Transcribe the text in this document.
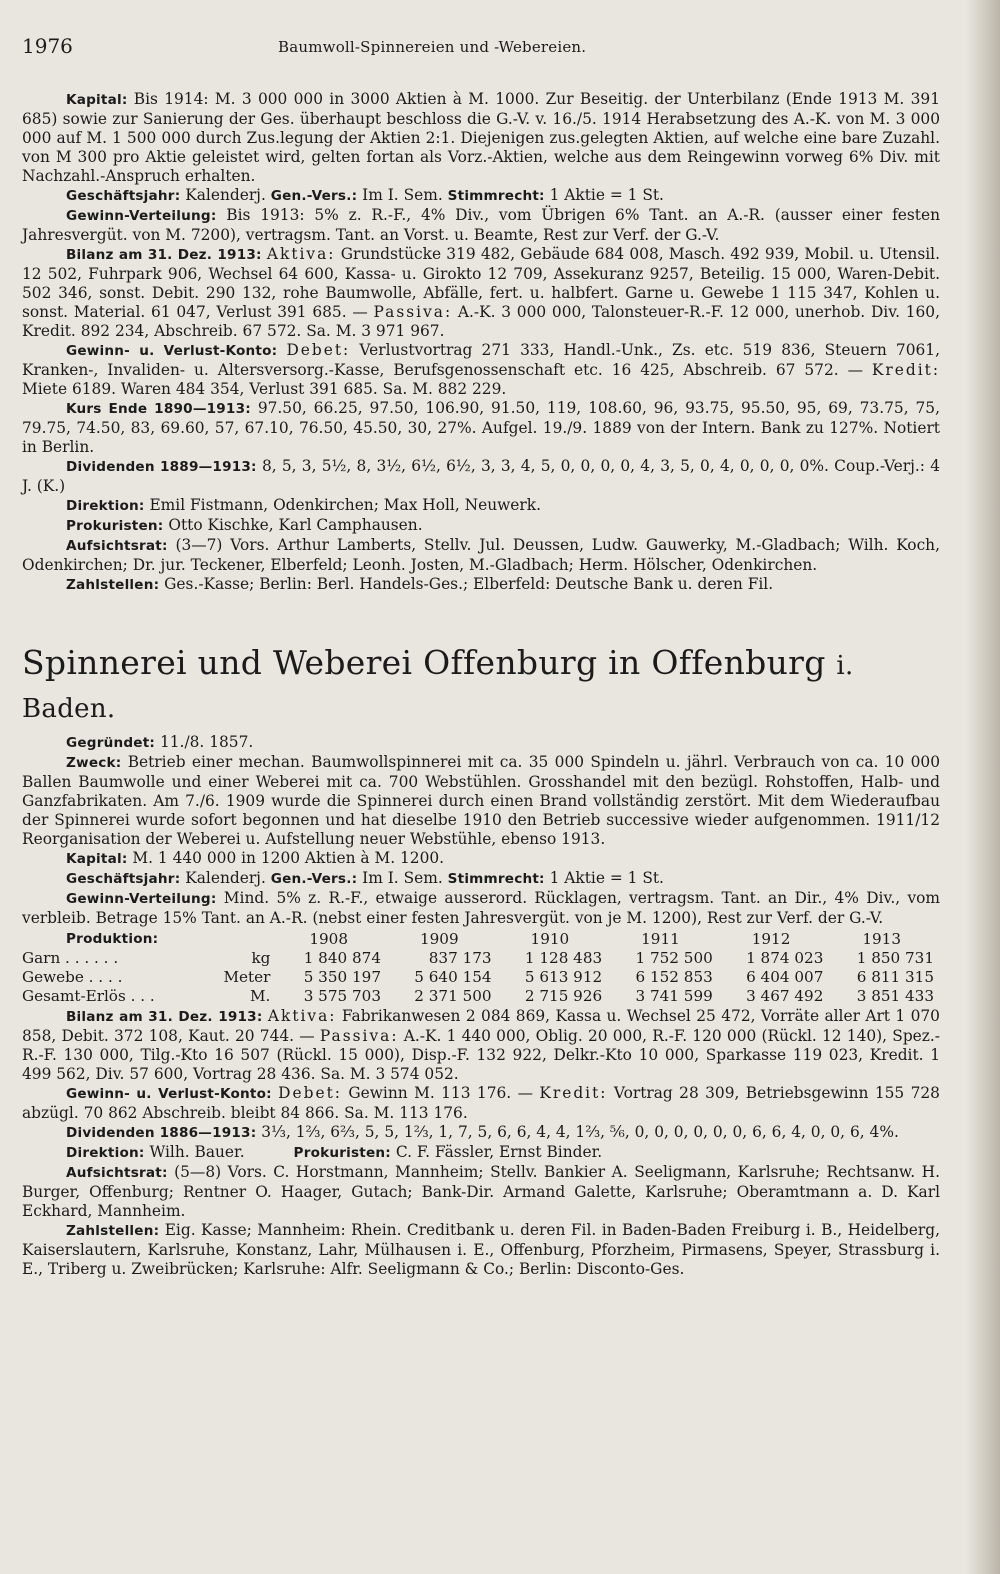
1976	Baumwoll-Spinnereien und -Webereien.

Kapital: Bis 1914: M. 3 000 000 in 3000 Aktien à M. 1000. Zur Beseitig. der Unterbilanz (Ende 1913 M. 391 685) sowie zur Sanierung der Ges. überhaupt beschloss die G.-V. v. 16./5. 1914 Herabsetzung des A.-K. von M. 3 000 000 auf M. 1 500 000 durch Zus.legung der Aktien 2:1. Diejenigen zus.gelegten Aktien, auf welche eine bare Zuzahl. von M 300 pro Aktie geleistet wird, gelten fortan als Vorz.-Aktien, welche aus dem Reingewinn vorweg 6% Div. mit Nachzahl.-Anspruch erhalten.

Geschäftsjahr: Kalenderj. Gen.-Vers.: Im I. Sem. Stimmrecht: 1 Aktie = 1 St.

Gewinn-Verteilung: Bis 1913: 5% z. R.-F., 4% Div., vom Übrigen 6% Tant. an A.-R. (ausser einer festen Jahresvergüt. von M. 7200), vertragsm. Tant. an Vorst. u. Beamte, Rest zur Verf. der G.-V.

Bilanz am 31. Dez. 1913: Aktiva: Grundstücke 319 482, Gebäude 684 008, Masch. 492 939, Mobil. u. Utensil. 12 502, Fuhrpark 906, Wechsel 64 600, Kassa- u. Girokto 12 709, Assekuranz 9257, Beteilig. 15 000, Waren-Debit. 502 346, sonst. Debit. 290 132, rohe Baumwolle, Abfälle, fert. u. halbfert. Garne u. Gewebe 1 115 347, Kohlen u. sonst. Material. 61 047, Verlust 391 685. — Passiva: A.-K. 3 000 000, Talonsteuer-R.-F. 12 000, unerhob. Div. 160, Kredit. 892 234, Abschreib. 67 572. Sa. M. 3 971 967.

Gewinn- u. Verlust-Konto: Debet: Verlustvortrag 271 333, Handl.-Unk., Zs. etc. 519 836, Steuern 7061, Kranken-, Invaliden- u. Altersversorg.-Kasse, Berufsgenossenschaft etc. 16 425, Abschreib. 67 572. — Kredit: Miete 6189. Waren 484 354, Verlust 391 685. Sa. M. 882 229.

Kurs Ende 1890—1913: 97.50, 66.25, 97.50, 106.90, 91.50, 119, 108.60, 96, 93.75, 95.50, 95, 69, 73.75, 75, 79.75, 74.50, 83, 69.60, 57, 67.10, 76.50, 45.50, 30, 27%. Aufgel. 19./9. 1889 von der Intern. Bank zu 127%. Notiert in Berlin.

Dividenden 1889—1913: 8, 5, 3, 5½, 8, 3½, 6½, 6½, 3, 3, 4, 5, 0, 0, 0, 0, 4, 3, 5, 0, 4, 0, 0, 0, 0%. Coup.-Verj.: 4 J. (K.)

Direktion: Emil Fistmann, Odenkirchen; Max Holl, Neuwerk.

Prokuristen: Otto Kischke, Karl Camphausen.

Aufsichtsrat: (3—7) Vors. Arthur Lamberts, Stellv. Jul. Deussen, Ludw. Gauwerky, M.-Gladbach; Wilh. Koch, Odenkirchen; Dr. jur. Teckener, Elberfeld; Leonh. Josten, M.-Gladbach; Herm. Hölscher, Odenkirchen.

Zahlstellen: Ges.-Kasse; Berlin: Berl. Handels-Ges.; Elberfeld: Deutsche Bank u. deren Fil.

Spinnerei und Weberei Offenburg in Offenburg i. Baden.

Gegründet: 11./8. 1857.

Zweck: Betrieb einer mechan. Baumwollspinnerei mit ca. 35 000 Spindeln u. jährl. Verbrauch von ca. 10 000 Ballen Baumwolle und einer Weberei mit ca. 700 Webstühlen. Grosshandel mit den bezügl. Rohstoffen, Halb- und Ganzfabrikaten. Am 7./6. 1909 wurde die Spinnerei durch einen Brand vollständig zerstört. Mit dem Wiederaufbau der Spinnerei wurde sofort begonnen und hat dieselbe 1910 den Betrieb successive wieder aufgenommen. 1911/12 Reorganisation der Weberei u. Aufstellung neuer Webstühle, ebenso 1913.

Kapital: M. 1 440 000 in 1200 Aktien à M. 1200.

Geschäftsjahr: Kalenderj. Gen.-Vers.: Im I. Sem. Stimmrecht: 1 Aktie = 1 St.

Gewinn-Verteilung: Mind. 5% z. R.-F., etwaige ausserord. Rücklagen, vertragsm. Tant. an Dir., 4% Div., vom verbleib. Betrage 15% Tant. an A.-R. (nebst einer festen Jahresvergüt. von je M. 1200), Rest zur Verf. der G.-V.

Produktion:		1908	1909	1910	1911	1912	1913
Garn . . . . . .	kg	1 840 874	837 173	1 128 483	1 752 500	1 874 023	1 850 731
Gewebe . . . .	Meter	5 350 197	5 640 154	5 613 912	6 152 853	6 404 007	6 811 315
Gesamt-Erlös . . .	M.	3 575 703	2 371 500	2 715 926	3 741 599	3 467 492	3 851 433

Bilanz am 31. Dez. 1913: Aktiva: Fabrikanwesen 2 084 869, Kassa u. Wechsel 25 472, Vorräte aller Art 1 070 858, Debit. 372 108, Kaut. 20 744. — Passiva: A.-K. 1 440 000, Oblig. 20 000, R.-F. 120 000 (Rückl. 12 140), Spez.-R.-F. 130 000, Tilg.-Kto 16 507 (Rückl. 15 000), Disp.-F. 132 922, Delkr.-Kto 10 000, Sparkasse 119 023, Kredit. 1 499 562, Div. 57 600, Vortrag 28 436. Sa. M. 3 574 052.

Gewinn- u. Verlust-Konto: Debet: Gewinn M. 113 176. — Kredit: Vortrag 28 309, Betriebsgewinn 155 728 abzügl. 70 862 Abschreib. bleibt 84 866. Sa. M. 113 176.

Dividenden 1886—1913: 3⅓, 1⅔, 6⅔, 5, 5, 1⅔, 1, 7, 5, 6, 6, 4, 4, 1⅔, ⅚, 0, 0, 0, 0, 0, 0, 6, 6, 4, 0, 0, 6, 4%.

Direktion: Wilh. Bauer.	Prokuristen: C. F. Fässler, Ernst Binder.

Aufsichtsrat: (5—8) Vors. C. Horstmann, Mannheim; Stellv. Bankier A. Seeligmann, Karlsruhe; Rechtsanw. H. Burger, Offenburg; Rentner O. Haager, Gutach; Bank-Dir. Armand Galette, Karlsruhe; Oberamtmann a. D. Karl Eckhard, Mannheim.

Zahlstellen: Eig. Kasse; Mannheim: Rhein. Creditbank u. deren Fil. in Baden-Baden Freiburg i. B., Heidelberg, Kaiserslautern, Karlsruhe, Konstanz, Lahr, Mülhausen i. E., Offenburg, Pforzheim, Pirmasens, Speyer, Strassburg i. E., Triberg u. Zweibrücken; Karlsruhe: Alfr. Seeligmann & Co.; Berlin: Disconto-Ges.
